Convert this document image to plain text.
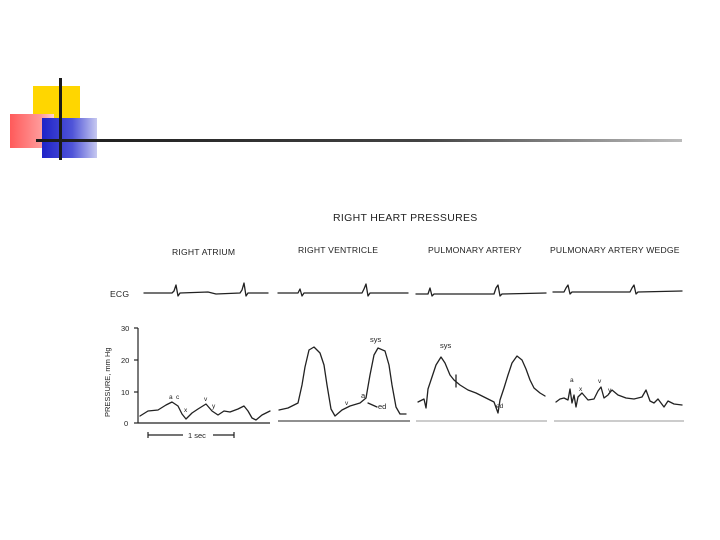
RIGHT HEART PRESSURES
RIGHT ATRIUM	RIGHT VENTRICLE	PULMONARY ARTERY	PULMONARY ARTERY WEDGE
ECG
30
20
10
0
PRESSURE, mm Hg	a c
x
v
y
sys
a
ed
v
sys
ed
a
x
v
y
1 sec
